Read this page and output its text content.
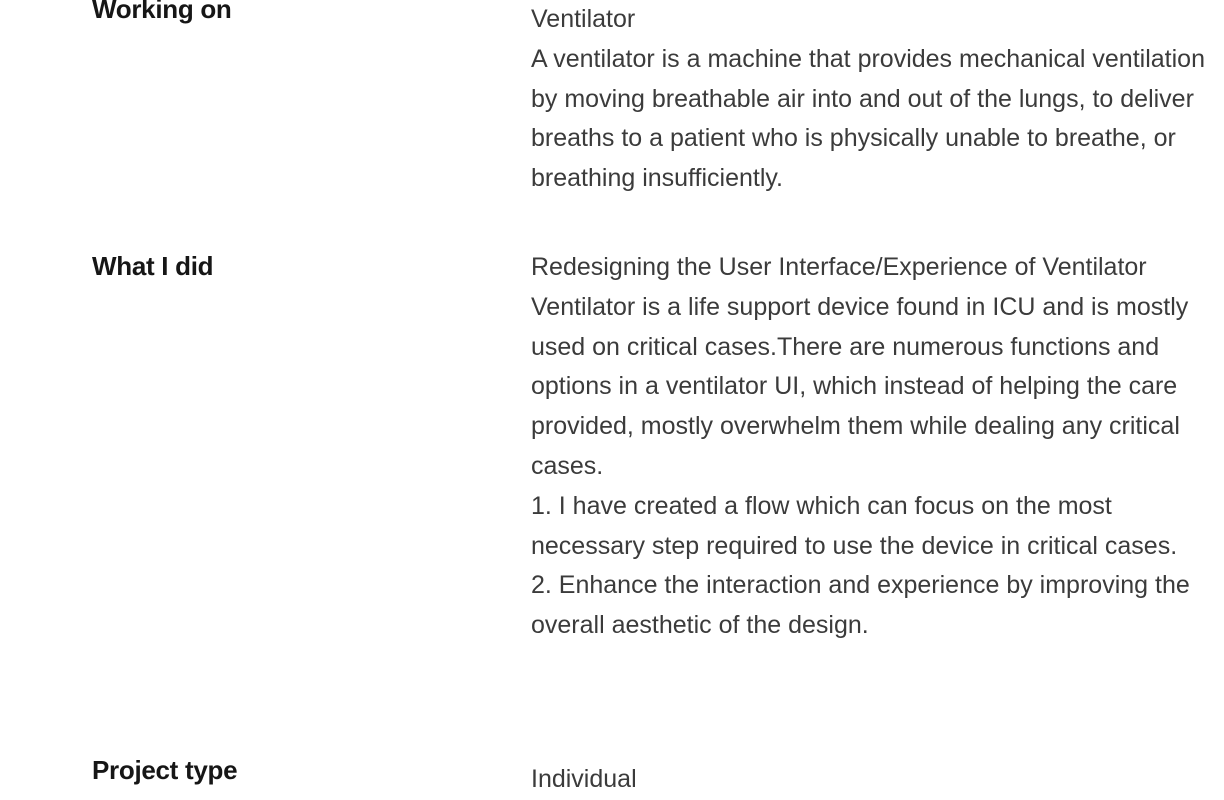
Working on	Ventilator

A ventilator is a machine that provides mechanical ventilation by moving breathable air into and out of the lungs, to deliver breaths to a patient who is physically unable to breathe, or breathing insufficiently.

What I did	Redesigning the User Interface/Experience of Ventilator

Ventilator is a life support device found in ICU and is mostly used on critical cases.There are numerous functions and options in a ventilator UI, which instead of helping the care provided, mostly overwhelm them while dealing any critical cases.

1. I have created a flow which can focus on the most necessary step required to use the device in critical cases.

2. Enhance the interaction and experience by improving the overall aesthetic of the design.

Project type	Individual
